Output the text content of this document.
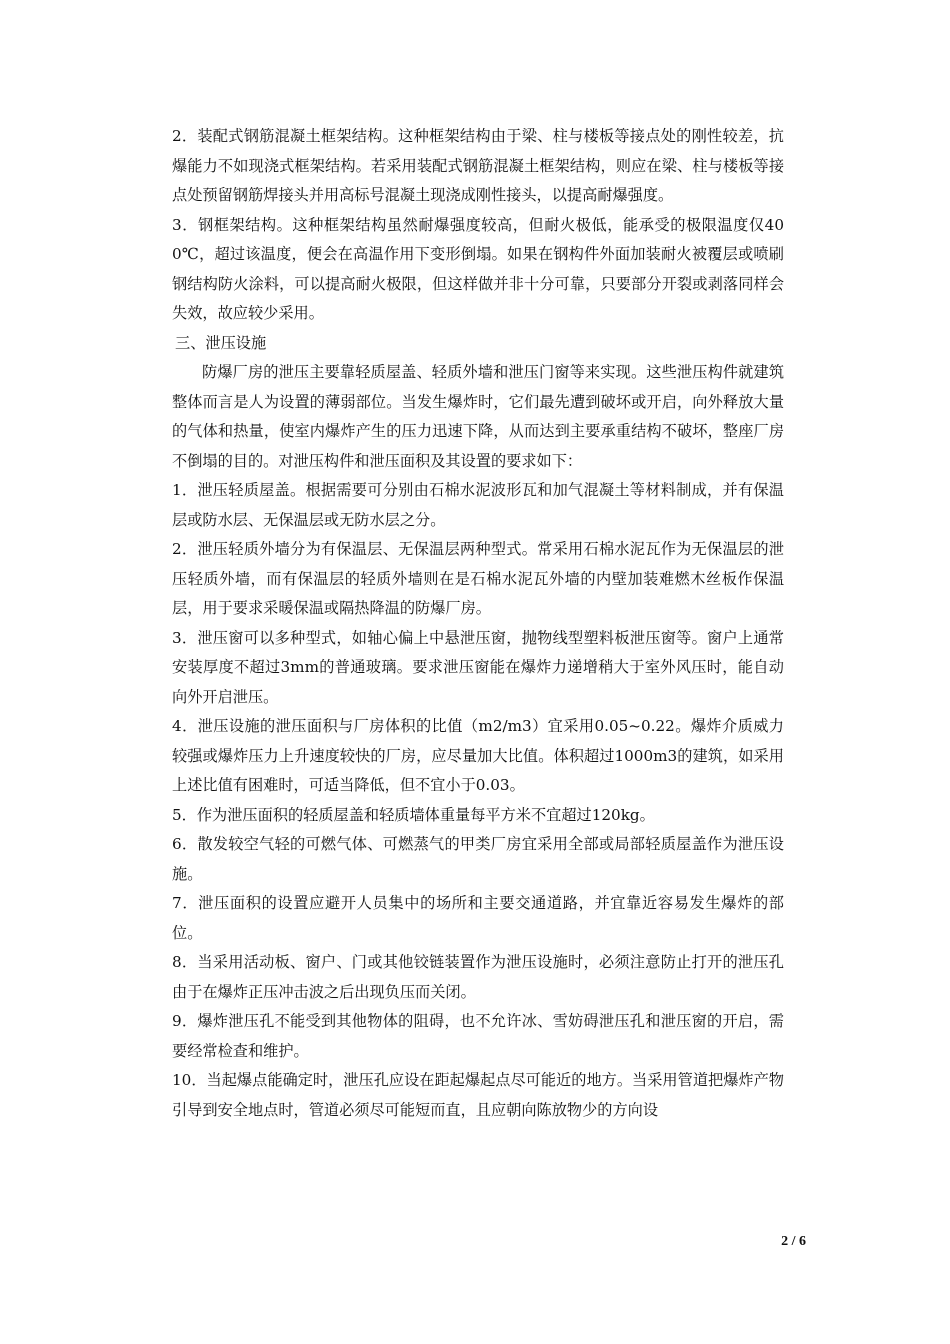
2．装配式钢筋混凝土框架结构。这种框架结构由于梁、柱与楼板等接点处的刚性较差，抗爆能力不如现浇式框架结构。若采用装配式钢筋混凝土框架结构，则应在梁、柱与楼板等接点处预留钢筋焊接头并用高标号混凝土现浇成刚性接头，以提高耐爆强度。

3．钢框架结构。这种框架结构虽然耐爆强度较高，但耐火极低，能承受的极限温度仅400℃，超过该温度，便会在高温作用下变形倒塌。如果在钢构件外面加装耐火被覆层或喷刷钢结构防火涂料，可以提高耐火极限，但这样做并非十分可靠，只要部分开裂或剥落同样会失效，故应较少采用。

三、泄压设施

防爆厂房的泄压主要靠轻质屋盖、轻质外墙和泄压门窗等来实现。这些泄压构件就建筑整体而言是人为设置的薄弱部位。当发生爆炸时，它们最先遭到破坏或开启，向外释放大量的气体和热量，使室内爆炸产生的压力迅速下降，从而达到主要承重结构不破坏，整座厂房不倒塌的目的。对泄压构件和泄压面积及其设置的要求如下：

1．泄压轻质屋盖。根据需要可分别由石棉水泥波形瓦和加气混凝土等材料制成，并有保温层或防水层、无保温层或无防水层之分。

2．泄压轻质外墙分为有保温层、无保温层两种型式。常采用石棉水泥瓦作为无保温层的泄压轻质外墙，而有保温层的轻质外墙则在是石棉水泥瓦外墙的内壁加装难燃木丝板作保温层，用于要求采暖保温或隔热降温的防爆厂房。

3．泄压窗可以多种型式，如轴心偏上中悬泄压窗，抛物线型塑料板泄压窗等。窗户上通常安装厚度不超过3mm的普通玻璃。要求泄压窗能在爆炸力递增稍大于室外风压时，能自动向外开启泄压。

4．泄压设施的泄压面积与厂房体积的比值（m2/m3）宜采用0.05~0.22。爆炸介质威力较强或爆炸压力上升速度较快的厂房，应尽量加大比值。体积超过1000m3的建筑，如采用上述比值有困难时，可适当降低，但不宜小于0.03。

5．作为泄压面积的轻质屋盖和轻质墙体重量每平方米不宜超过120kg。

6．散发较空气轻的可燃气体、可燃蒸气的甲类厂房宜采用全部或局部轻质屋盖作为泄压设施。

7．泄压面积的设置应避开人员集中的场所和主要交通道路，并宜靠近容易发生爆炸的部位。

8．当采用活动板、窗户、门或其他铰链装置作为泄压设施时，必须注意防止打开的泄压孔由于在爆炸正压冲击波之后出现负压而关闭。

9．爆炸泄压孔不能受到其他物体的阻碍，也不允许冰、雪妨碍泄压孔和泄压窗的开启，需要经常检查和维护。

10．当起爆点能确定时，泄压孔应设在距起爆起点尽可能近的地方。当采用管道把爆炸产物引导到安全地点时，管道必须尽可能短而直，且应朝向陈放物少的方向设

2 / 6
